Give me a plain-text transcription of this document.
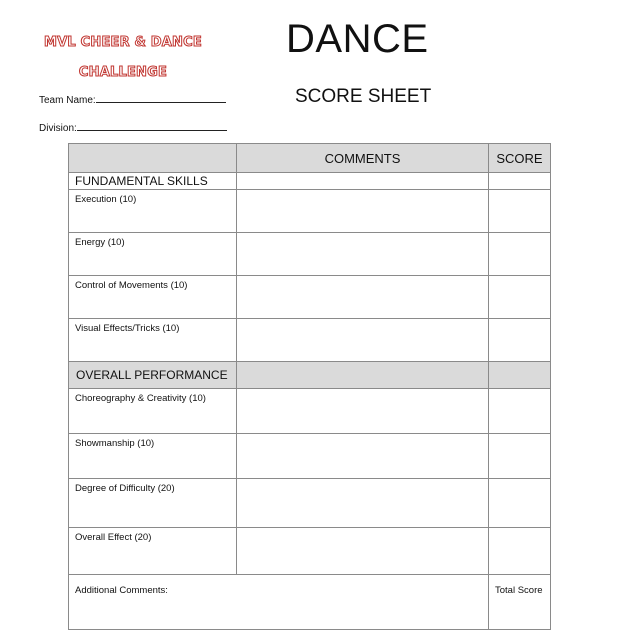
MVL CHEER & DANCE
CHALLENGE
DANCE
SCORE SHEET
Team Name:
Division:
	COMMENTS	SCORE
FUNDAMENTAL SKILLS		
Execution (10)		
Energy (10)		
Control of Movements (10)		
Visual Effects/Tricks (10)		
OVERALL PERFORMANCE		
Choreography & Creativity (10)		
Showmanship (10)		
Degree of Difficulty (20)		
Overall Effect (20)		
Additional Comments:		Total Score
